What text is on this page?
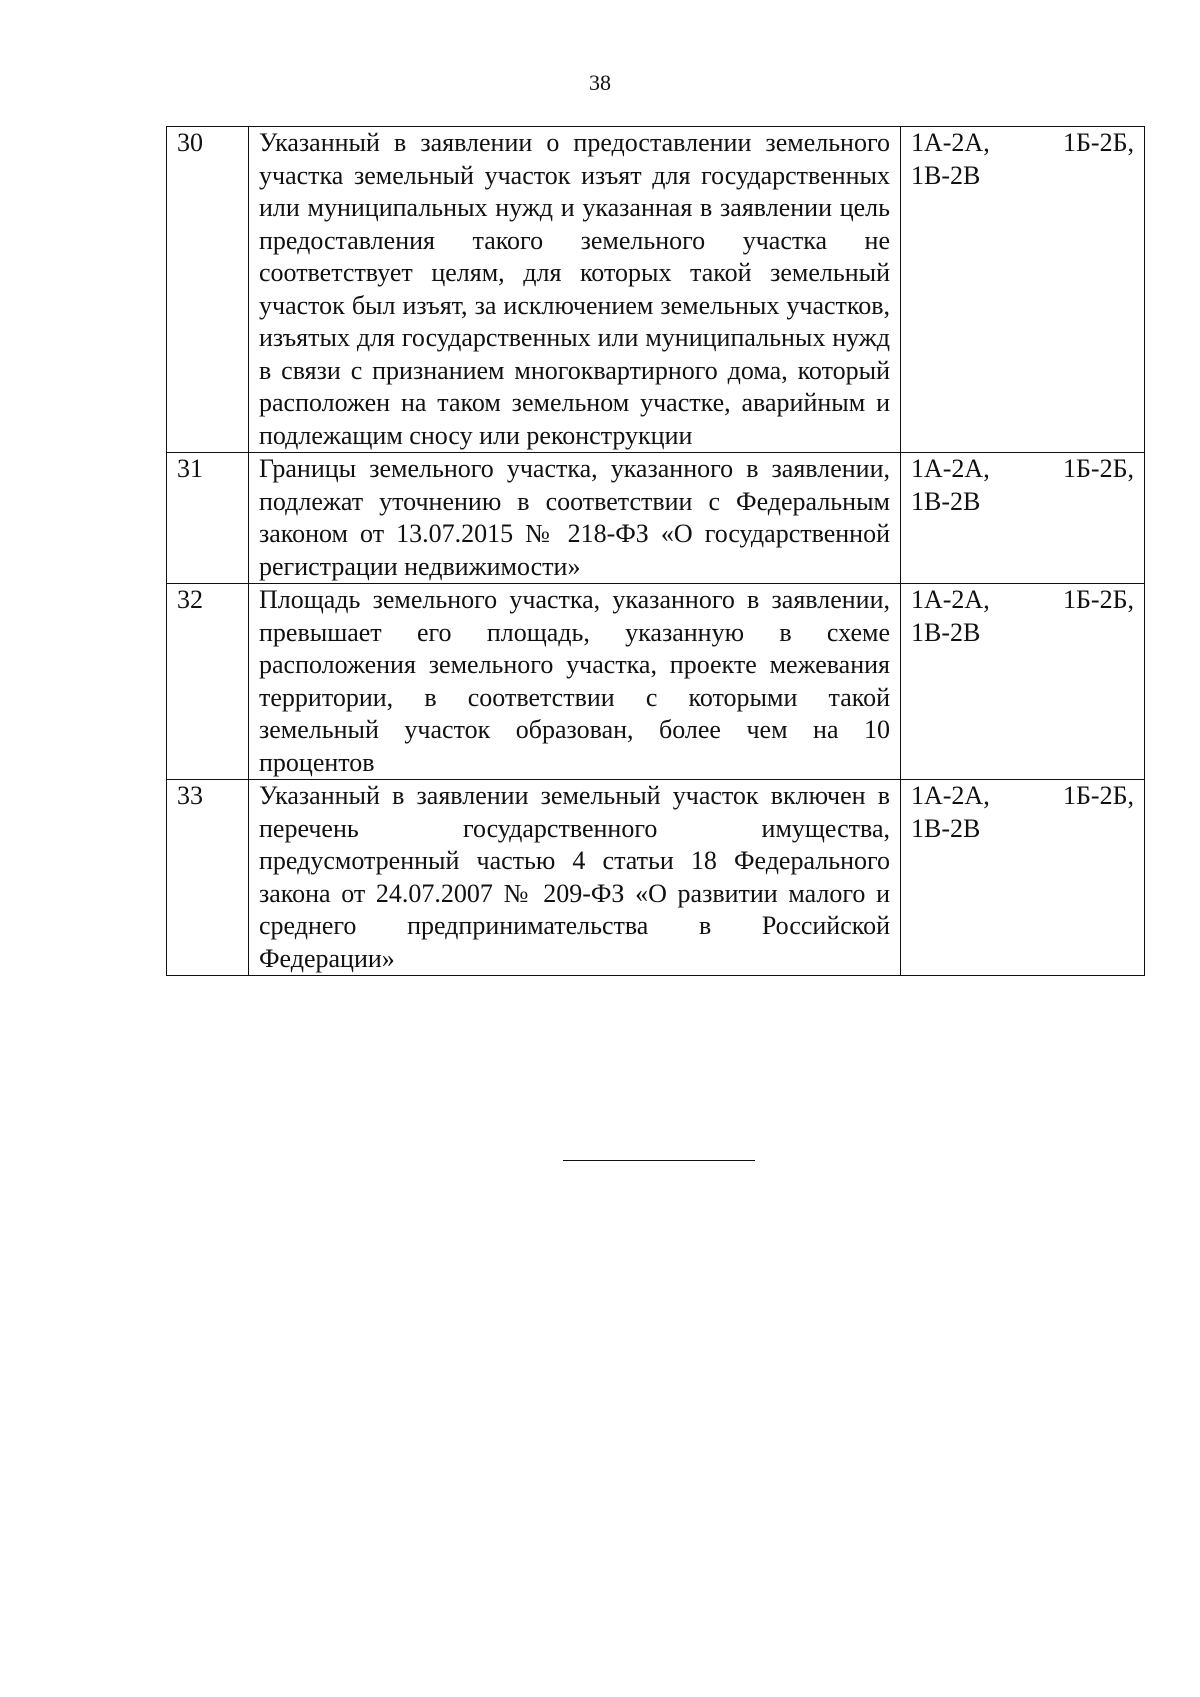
38
30	Указанный в заявлении о предоставлении земельного участка земельный участок изъят для государственных или муниципальных нужд и указанная в заявлении цель предоставления такого земельного участка не соответствует целям, для которых такой земельный участок был изъят, за исключением земельных участков, изъятых для государственных или муниципальных нужд в связи с признанием многоквартирного дома, который расположен на таком земельном участке, аварийным и подлежащим сносу или реконструкции	1А-2А, 1Б-2Б, 1В-2В
31	Границы земельного участка, указанного в заявлении, подлежат уточнению в соответствии с Федеральным законом от 13.07.2015 № 218-ФЗ «О государственной регистрации недвижимости»	1А-2А, 1Б-2Б, 1В-2В
32	Площадь земельного участка, указанного в заявлении, превышает его площадь, указанную в схеме расположения земельного участка, проекте межевания территории, в соответствии с которыми такой земельный участок образован, более чем на 10 процентов	1А-2А, 1Б-2Б, 1В-2В
33	Указанный в заявлении земельный участок включен в перечень государственного имущества, предусмотренный частью 4 статьи 18 Федерального закона от 24.07.2007 № 209-ФЗ «О развитии малого и среднего предпринимательства в Российской Федерации»	1А-2А, 1Б-2Б, 1В-2В
